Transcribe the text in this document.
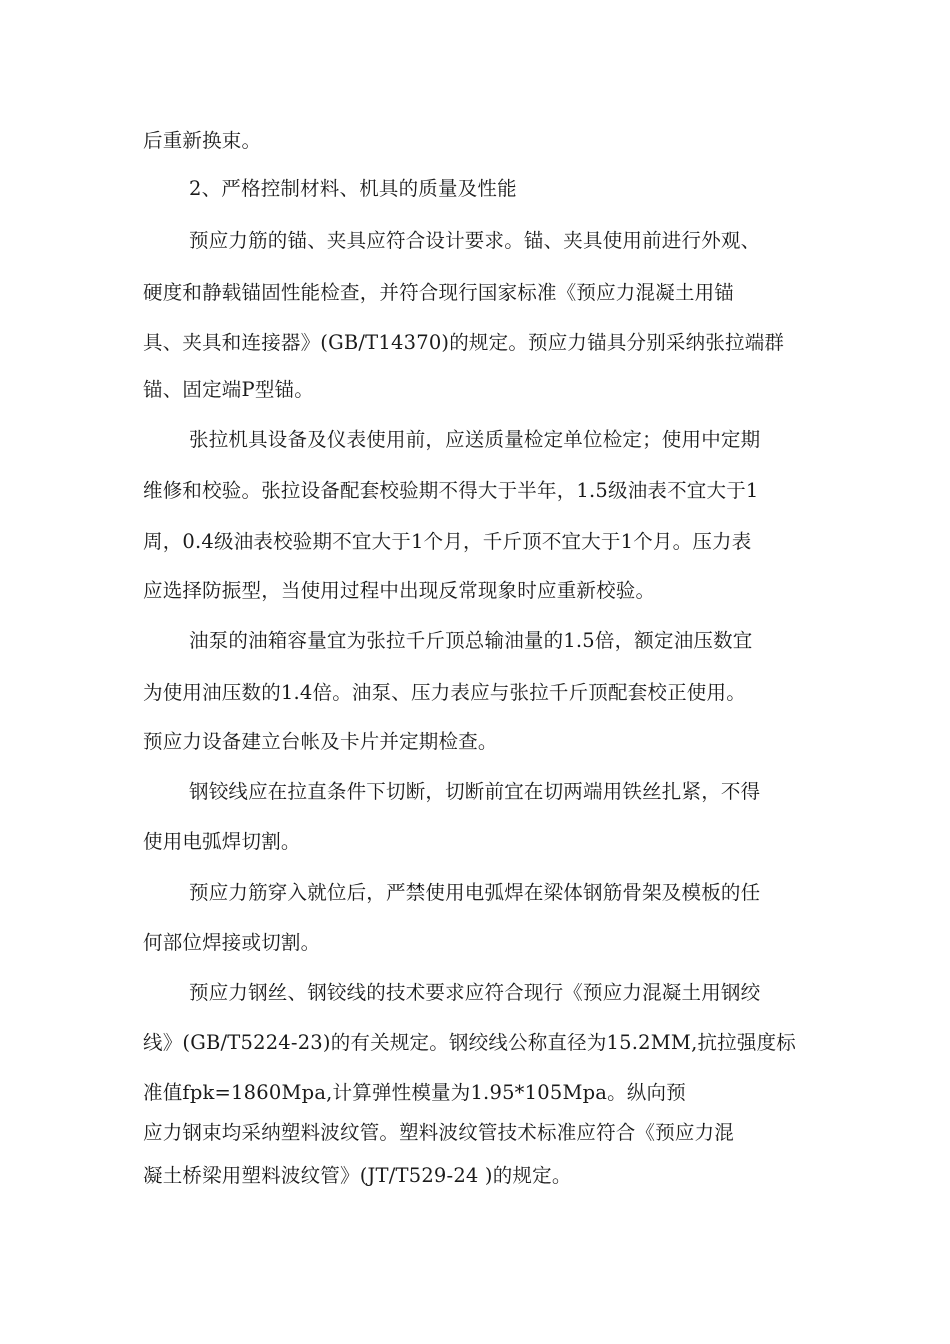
后重新换束。
2、严格控制材料、机具的质量及性能
预应力筋的锚、夹具应符合设计要求。锚、夹具使用前进行外观、
硬度和静载锚固性能检查，并符合现行国家标准《预应力混凝土用锚
具、夹具和连接器》(GB/T14370)的规定。预应力锚具分别采纳张拉端群
锚、固定端P型锚。
张拉机具设备及仪表使用前，应送质量检定单位检定；使用中定期
维修和校验。张拉设备配套校验期不得大于半年，1.5级油表不宜大于1
周，0.4级油表校验期不宜大于1个月，千斤顶不宜大于1个月。压力表
应选择防振型，当使用过程中出现反常现象时应重新校验。
油泵的油箱容量宜为张拉千斤顶总输油量的1.5倍，额定油压数宜
为使用油压数的1.4倍。油泵、压力表应与张拉千斤顶配套校正使用。
预应力设备建立台帐及卡片并定期检查。
钢铰线应在拉直条件下切断，切断前宜在切两端用铁丝扎紧，不得
使用电弧焊切割。
预应力筋穿入就位后，严禁使用电弧焊在梁体钢筋骨架及模板的任
何部位焊接或切割。
预应力钢丝、钢铰线的技术要求应符合现行《预应力混凝土用钢绞
线》(GB/T5224-23)的有关规定。钢绞线公称直径为15.2MM,抗拉强度标
准值fpk=1860Mpa,计算弹性模量为1.95*105Mpa。纵向预
应力钢束均采纳塑料波纹管。塑料波纹管技术标准应符合《预应力混
凝土桥梁用塑料波纹管》(JT/T529-24 )的规定。
